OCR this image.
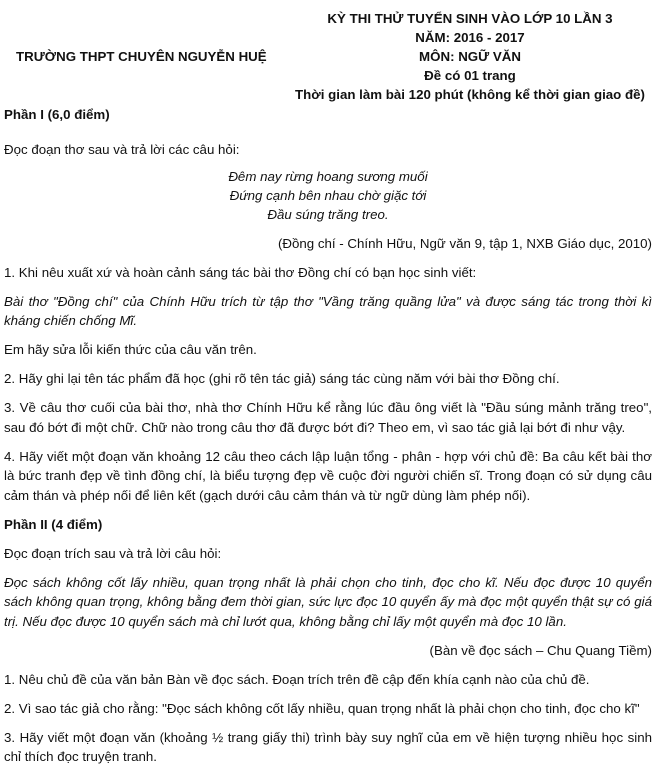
TRƯỜNG THPT CHUYÊN NGUYỄN HUỆ
KỲ THI THỬ TUYỂN SINH VÀO LỚP 10 LẦN 3
NĂM: 2016 - 2017
MÔN: NGỮ VĂN
Đề có 01 trang
Thời gian làm bài 120 phút (không kể thời gian giao đề)

Phần I (6,0 điểm)

Đọc đoạn thơ sau và trả lời các câu hỏi:

Đêm nay rừng hoang sương muối
Đứng cạnh bên nhau chờ giặc tới
Đầu súng trăng treo.

(Đồng chí - Chính Hữu, Ngữ văn 9, tập 1, NXB Giáo dục, 2010)

1. Khi nêu xuất xứ và hoàn cảnh sáng tác bài thơ Đồng chí có bạn học sinh viết:

Bài thơ "Đồng chí" của Chính Hữu trích từ tập thơ "Vầng trăng quầng lửa" và được sáng tác trong thời kì kháng chiến chống Mĩ.

Em hãy sửa lỗi kiến thức của câu văn trên.

2. Hãy ghi lại tên tác phẩm đã học (ghi rõ tên tác giả) sáng tác cùng năm với bài thơ Đồng chí.

3. Về câu thơ cuối của bài thơ, nhà thơ Chính Hữu kể rằng lúc đầu ông viết là "Đầu súng mảnh trăng treo", sau đó bớt đi một chữ. Chữ nào trong câu thơ đã được bớt đi? Theo em, vì sao tác giả lại bớt đi như vậy.

4. Hãy viết một đoạn văn khoảng 12 câu theo cách lập luận tổng - phân - hợp với chủ đề: Ba câu kết bài thơ là bức tranh đẹp về tình đồng chí, là biểu tượng đẹp về cuộc đời người chiến sĩ. Trong đoạn có sử dụng câu cảm thán và phép nối để liên kết (gạch dưới câu cảm thán và từ ngữ dùng làm phép nối).

Phần II (4 điểm)

Đọc đoạn trích sau và trả lời câu hỏi:

Đọc sách không cốt lấy nhiều, quan trọng nhất là phải chọn cho tinh, đọc cho kĩ. Nếu đọc được 10 quyển sách không quan trọng, không bằng đem thời gian, sức lực đọc 10 quyển ấy mà đọc một quyển thật sự có giá trị. Nếu đọc được 10 quyển sách mà chỉ lướt qua, không bằng chỉ lấy một quyển mà đọc 10 lần.

(Bàn về đọc sách – Chu Quang Tiềm)

1. Nêu chủ đề của văn bản Bàn về đọc sách. Đoạn trích trên đề cập đến khía cạnh nào của chủ đề.

2. Vì sao tác giả cho rằng: "Đọc sách không cốt lấy nhiều, quan trọng nhất là phải chọn cho tinh, đọc cho kĩ"

3. Hãy viết một đoạn văn (khoảng ½ trang giấy thi) trình bày suy nghĩ của em về hiện tượng nhiều học sinh chỉ thích đọc truyện tranh.
